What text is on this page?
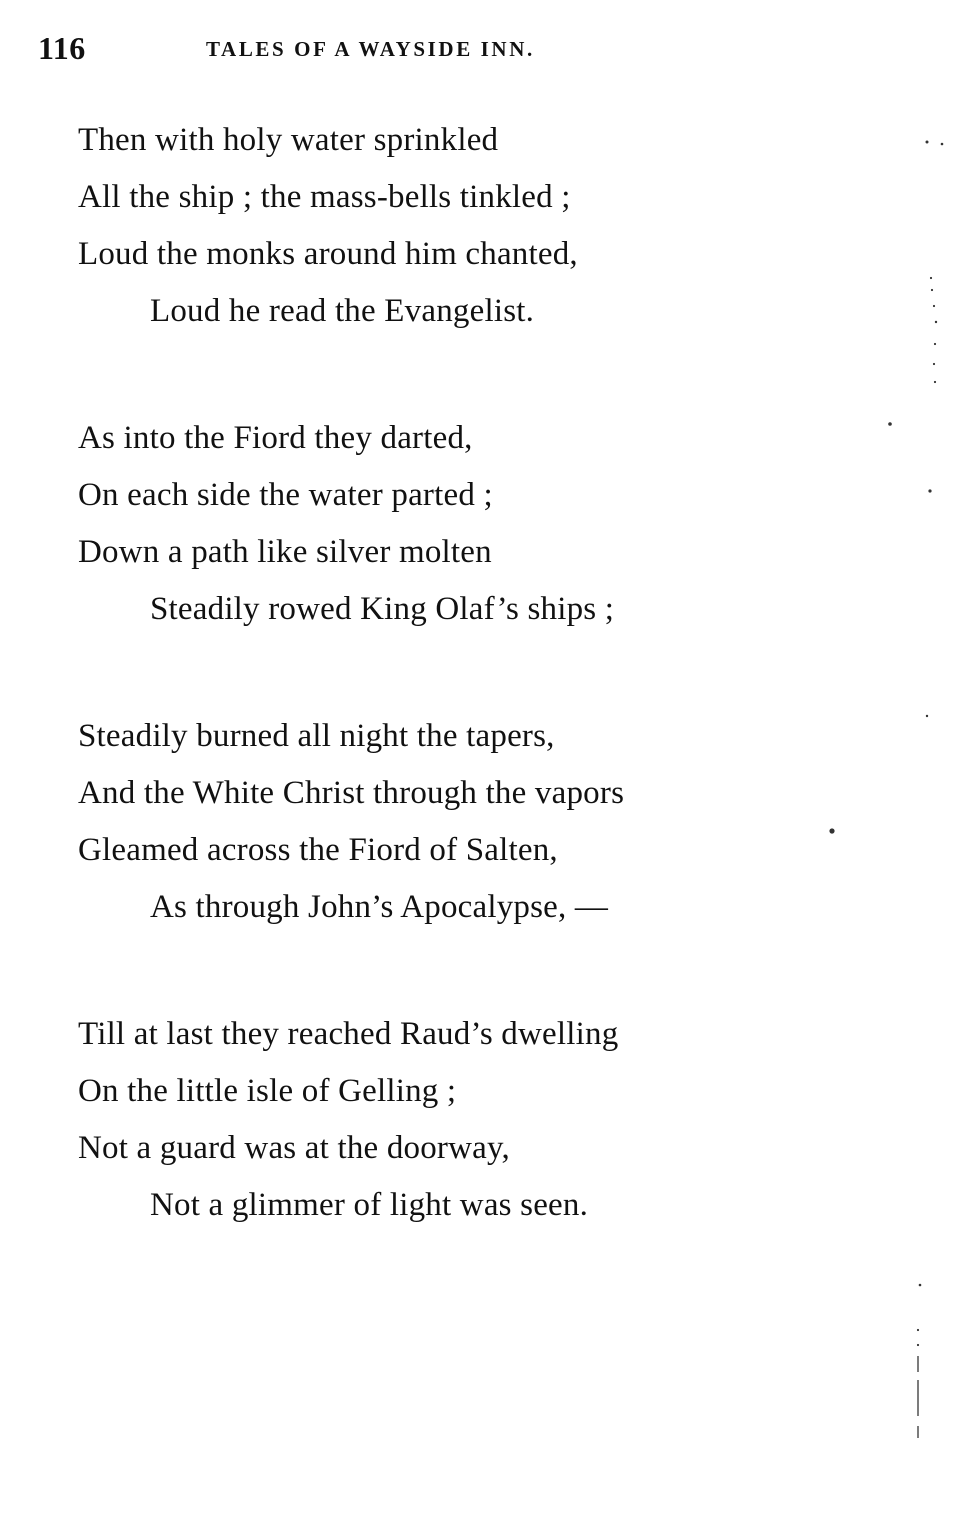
116	TALES OF A WAYSIDE INN.
Then with holy water sprinkled
All the ship ; the mass-bells tinkled ;
Loud the monks around him chanted,
Loud he read the Evangelist.
As into the Fiord they darted,
On each side the water parted ;
Down a path like silver molten
Steadily rowed King Olaf’s ships ;
Steadily burned all night the tapers,
And the White Christ through the vapors
Gleamed across the Fiord of Salten,
As through John’s Apocalypse, —
Till at last they reached Raud’s dwelling
On the little isle of Gelling ;
Not a guard was at the doorway,
Not a glimmer of light was seen.
